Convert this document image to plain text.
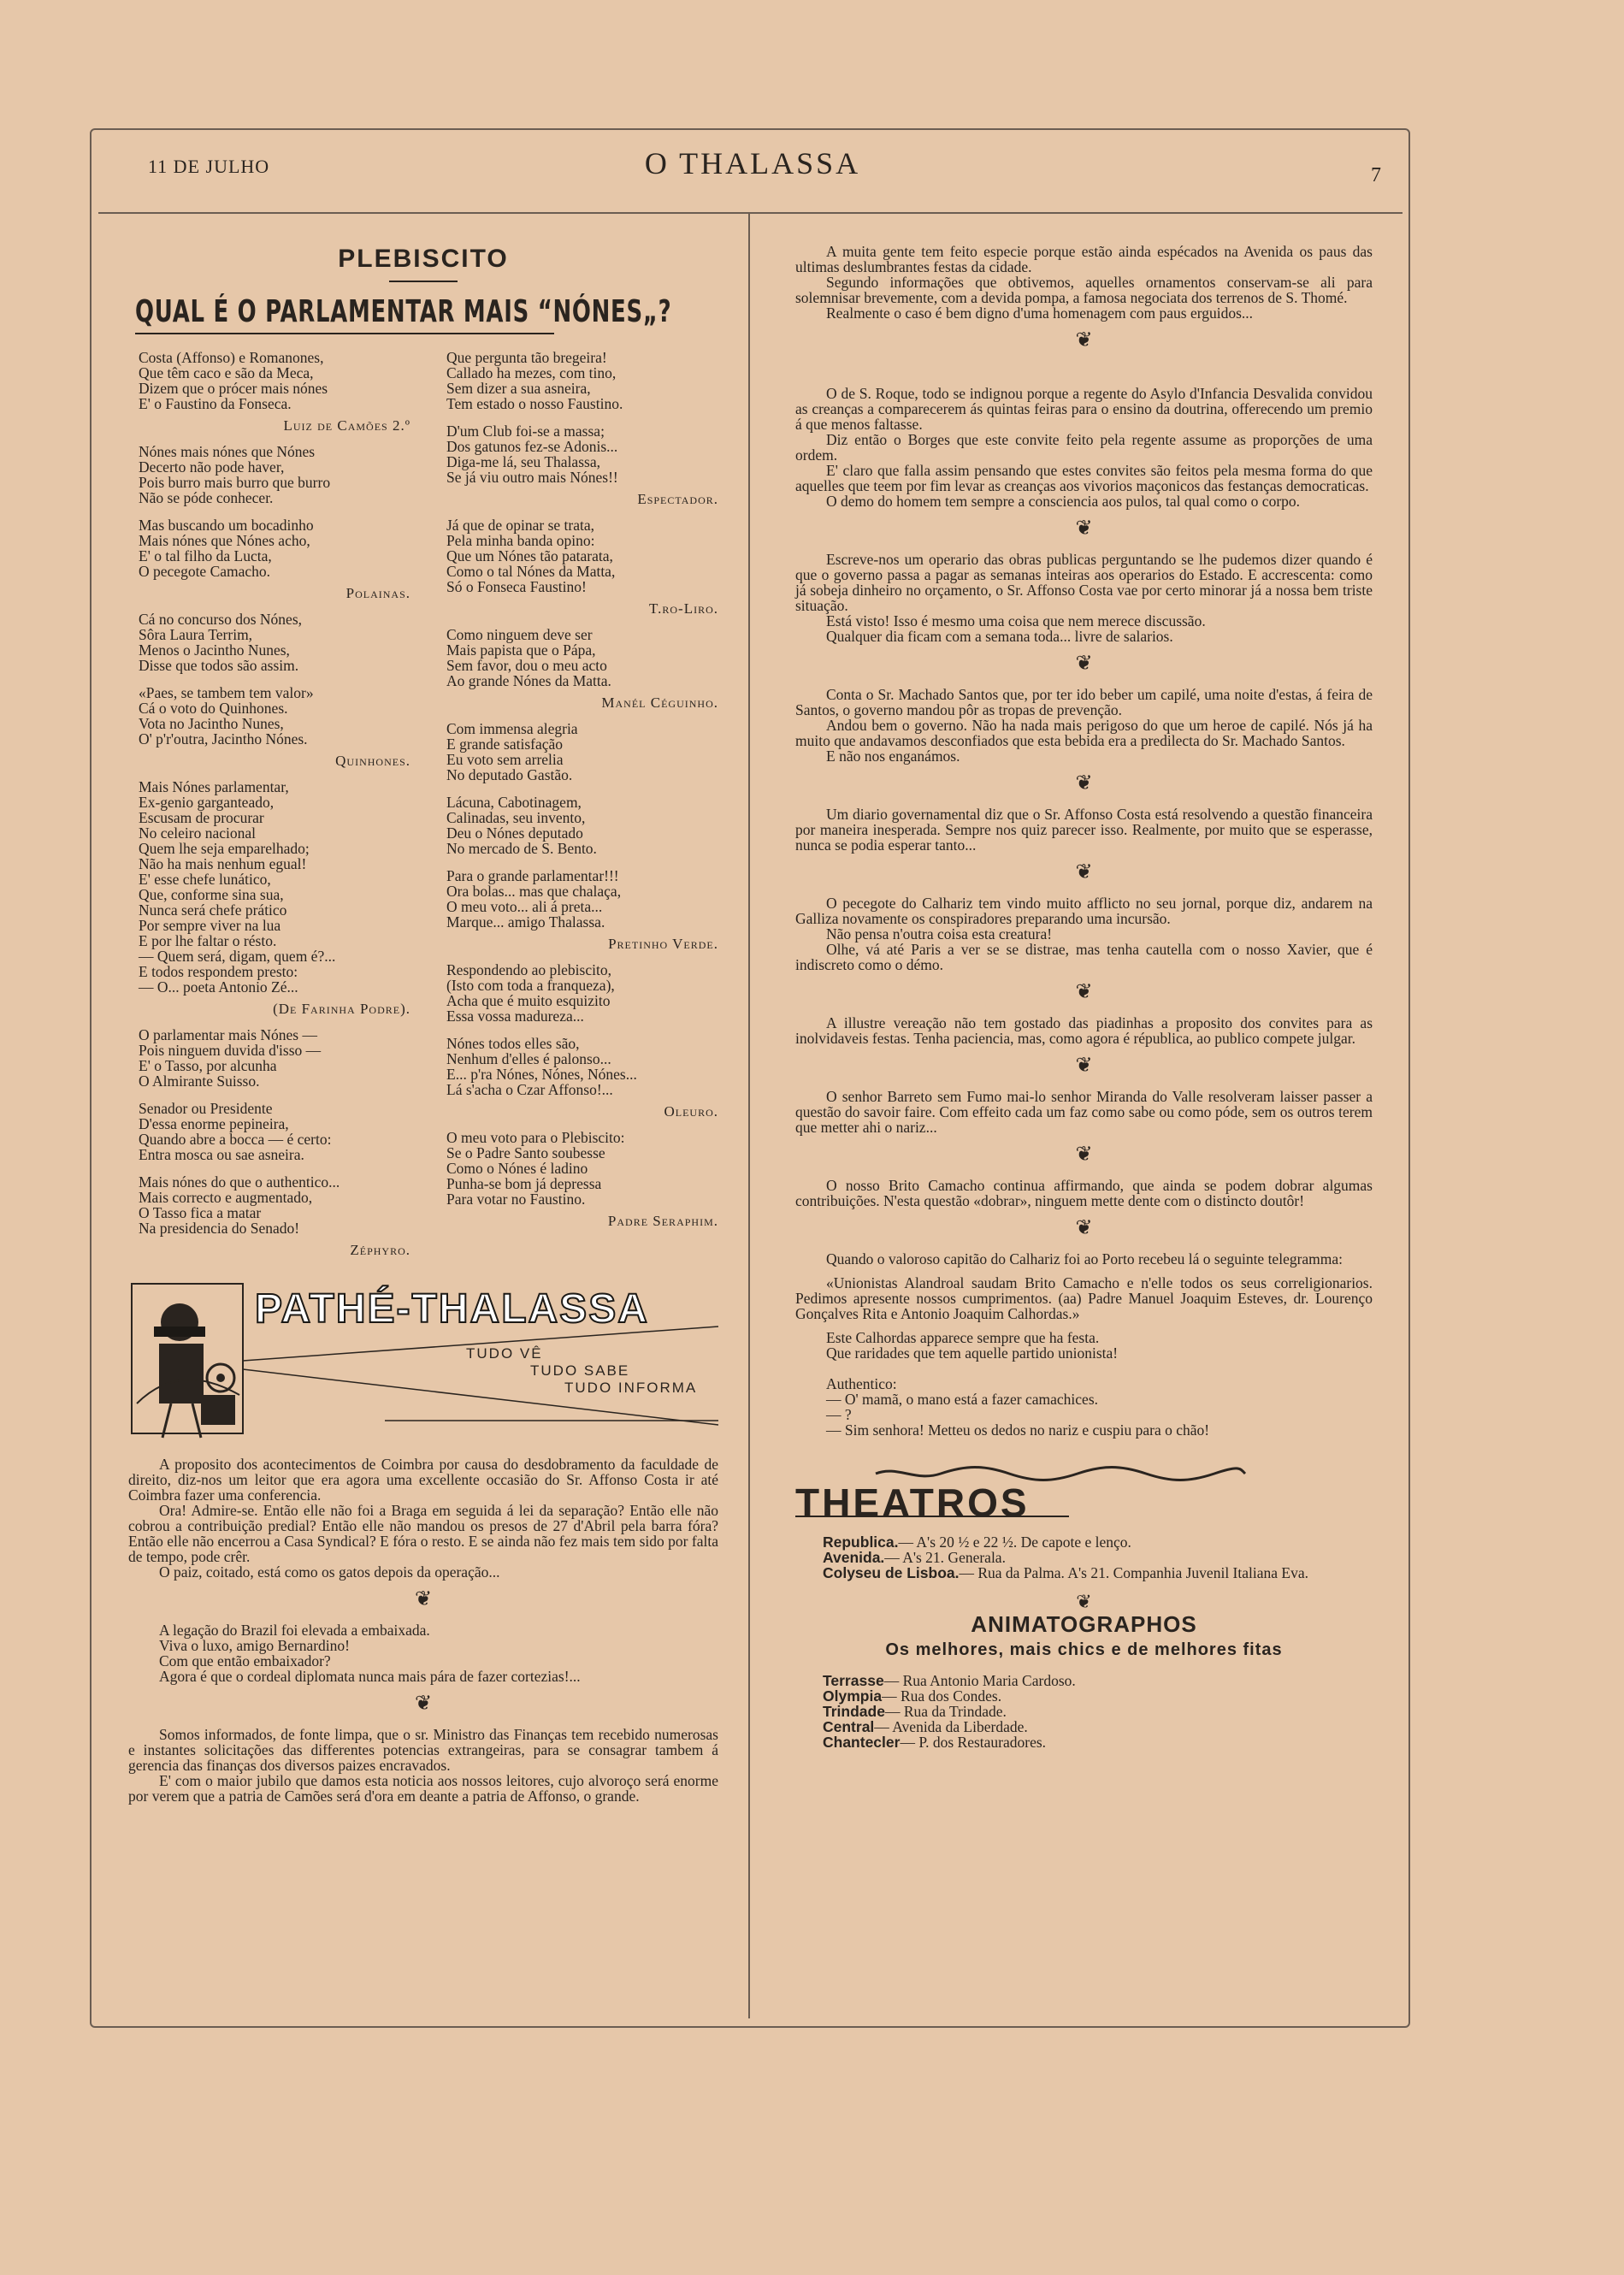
11 DE JULHO	O THALASSA	7
PLEBISCITO
QUAL É O PARLAMENTAR MAIS “NÓNES„?

Costa (Affonso) e Romanones,
Que têm caco e são da Meca,
Dizem que o prócer mais nónes
E' o Faustino da Fonseca.

Luiz de Camões 2.º

Nónes mais nónes que Nónes
Decerto não pode haver,
Pois burro mais burro que burro
Não se póde conhecer.

Mas buscando um bocadinho
Mais nónes que Nónes acho,
E' o tal filho da Lucta,
O pecegote Camacho.

Polainas.

Cá no concurso dos Nónes,
Sôra Laura Terrim,
Menos o Jacintho Nunes,
Disse que todos são assim.

«Paes, se tambem tem valor»
Cá o voto do Quinhones.
Vota no Jacintho Nunes,
O' p'r'outra, Jacintho Nónes.

Quinhones.

Mais Nónes parlamentar,
Ex-genio garganteado,
Escusam de procurar
No celeiro nacional
Quem lhe seja emparelhado;
Não ha mais nenhum egual!
E' esse chefe lunático,
Que, conforme sina sua,
Nunca será chefe prático
Por sempre viver na lua
E por lhe faltar o résto.
— Quem será, digam, quem é?...
E todos respondem presto:
— O... poeta Antonio Zé...

(De Farinha Podre).

O parlamentar mais Nónes —
Pois ninguem duvida d'isso —
E' o Tasso, por alcunha
O Almirante Suisso.

Senador ou Presidente
D'essa enorme pepineira,
Quando abre a bocca — é certo:
Entra mosca ou sae asneira.

Mais nónes do que o authentico...
Mais correcto e augmentado,
O Tasso fica a matar
Na presidencia do Senado!

Zéphyro.

Que pergunta tão bregeira!
Callado ha mezes, com tino,
Sem dizer a sua asneira,
Tem estado o nosso Faustino.

D'um Club foi-se a massa;
Dos gatunos fez-se Adonis...
Diga-me lá, seu Thalassa,
Se já viu outro mais Nónes!!

Espectador.

Já que de opinar se trata,
Pela minha banda opino:
Que um Nónes tão patarata,
Como o tal Nónes da Matta,
Só o Fonseca Faustino!

T.ro-Liro.

Como ninguem deve ser
Mais papista que o Pápa,
Sem favor, dou o meu acto
Ao grande Nónes da Matta.

Manél Céguinho.

Com immensa alegria
E grande satisfação
Eu voto sem arrelia
No deputado Gastão.

Lácuna, Cabotinagem,
Calinadas, seu invento,
Deu o Nónes deputado
No mercado de S. Bento.

Para o grande parlamentar!!!
Ora bolas... mas que chalaça,
O meu voto... ali á preta...
Marque... amigo Thalassa.

Pretinho Verde.

Respondendo ao plebiscito,
(Isto com toda a franqueza),
Acha que é muito esquizito
Essa vossa madureza...

Nónes todos elles são,
Nenhum d'elles é palonso...
E... p'ra Nónes, Nónes, Nónes...
Lá s'acha o Czar Affonso!...

Oleuro.

O meu voto para o Plebiscito:
Se o Padre Santo soubesse
Como o Nónes é ladino
Punha-se bom já depressa
Para votar no Faustino.

Padre Seraphim.
PATHÉ-THALASSA
TUDO VÊ
TUDO SABE
TUDO INFORMA

A proposito dos acontecimentos de Coimbra por causa do desdobramento da faculdade de direito, diz-nos um leitor que era agora uma excellente occasião do Sr. Affonso Costa ir até Coimbra fazer uma conferencia.

Ora! Admire-se. Então elle não foi a Braga em seguida á lei da separação? Então elle não cobrou a contribuição predial? Então elle não mandou os presos de 27 d'Abril pela barra fóra? Então elle não encerrou a Casa Syndical? E fóra o resto. E se ainda não fez mais tem sido por falta de tempo, pode crêr.

O paiz, coitado, está como os gatos depois da operação...

❦

A legação do Brazil foi elevada a embaixada.

Viva o luxo, amigo Bernardino!

Com que então embaixador?

Agora é que o cordeal diplomata nunca mais pára de fazer cortezias!...

❦

Somos informados, de fonte limpa, que o sr. Ministro das Finanças tem recebido numerosas e instantes solicitações das differentes potencias extrangeiras, para se consagrar tambem á gerencia das finanças dos diversos paizes encravados.

E' com o maior jubilo que damos esta noticia aos nossos leitores, cujo alvoroço será enorme por verem que a patria de Camões será d'ora em deante a patria de Affonso, o grande.

A muita gente tem feito especie porque estão ainda espécados na Avenida os paus das ultimas deslumbrantes festas da cidade.

Segundo informações que obtivemos, aquelles ornamentos conservam-se ali para solemnisar brevemente, com a devida pompa, a famosa negociata dos terrenos de S. Thomé.

Realmente o caso é bem digno d'uma homenagem com paus erguidos...

❦

O de S. Roque, todo se indignou porque a regente do Asylo d'Infancia Desvalida convidou as creanças a comparecerem ás quintas feiras para o ensino da doutrina, offerecendo um premio á que menos faltasse.

Diz então o Borges que este convite feito pela regente assume as proporções de uma ordem.

E' claro que falla assim pensando que estes convites são feitos pela mesma forma do que aquelles que teem por fim levar as creanças aos vivorios maçonicos das festanças democraticas.

O demo do homem tem sempre a consciencia aos pulos, tal qual como o corpo.

❦

Escreve-nos um operario das obras publicas perguntando se lhe pudemos dizer quando é que o governo passa a pagar as semanas inteiras aos operarios do Estado. E accrescenta: como já sobeja dinheiro no orçamento, o Sr. Affonso Costa vae por certo minorar já a nossa bem triste situação.

Está visto! Isso é mesmo uma coisa que nem merece discussão.

Qualquer dia ficam com a semana toda... livre de salarios.

❦

Conta o Sr. Machado Santos que, por ter ido beber um capilé, uma noite d'estas, á feira de Santos, o governo mandou pôr as tropas de prevenção.

Andou bem o governo. Não ha nada mais perigoso do que um heroe de capilé. Nós já ha muito que andavamos desconfiados que esta bebida era a predilecta do Sr. Machado Santos.

E não nos enganámos.

❦

Um diario governamental diz que o Sr. Affonso Costa está resolvendo a questão financeira por maneira inesperada. Sempre nos quiz parecer isso. Realmente, por muito que se esperasse, nunca se podia esperar tanto...

❦

O pecegote do Calhariz tem vindo muito afflicto no seu jornal, porque diz, andarem na Galliza novamente os conspiradores preparando uma incursão.

Não pensa n'outra coisa esta creatura!

Olhe, vá até Paris a ver se se distrae, mas tenha cautella com o nosso Xavier, que é indiscreto como o démo.

❦

A illustre vereação não tem gostado das piadinhas a proposito dos convites para as inolvidaveis festas. Tenha paciencia, mas, como agora é républica, ao publico compete julgar.

❦

O senhor Barreto sem Fumo mai-lo senhor Miranda do Valle resolveram laisser passer a questão do savoir faire. Com effeito cada um faz como sabe ou como póde, sem os outros terem que metter ahi o nariz...

❦

O nosso Brito Camacho continua affirmando, que ainda se podem dobrar algumas contribuições. N'esta questão «dobrar», ninguem mette dente com o distincto doutôr!

❦

Quando o valoroso capitão do Calhariz foi ao Porto recebeu lá o seguinte telegramma:

«Unionistas Alandroal saudam Brito Camacho e n'elle todos os seus correligionarios. Pedimos apresente nossos cumprimentos. (aa) Padre Manuel Joaquim Esteves, dr. Lourenço Gonçalves Rita e Antonio Joaquim Calhordas.»

Este Calhordas apparece sempre que ha festa.

Que raridades que tem aquelle partido unionista!

Authentico:

— O' mamã, o mano está a fazer camachices.

— ?

— Sim senhora! Metteu os dedos no nariz e cuspiu para o chão!

THEATROS
Republica.— A's 20 ½ e 22 ½. De capote e lenço.
Avenida.— A's 21. Generala.
Colyseu de Lisboa.— Rua da Palma. A's 21. Companhia Juvenil Italiana Eva.
❦
ANIMATOGRAPHOS
Os melhores, mais chics e de melhores fitas
Terrasse— Rua Antonio Maria Cardoso.
Olympia— Rua dos Condes.
Trindade— Rua da Trindade.
Central— Avenida da Liberdade.
Chantecler— P. dos Restauradores.
